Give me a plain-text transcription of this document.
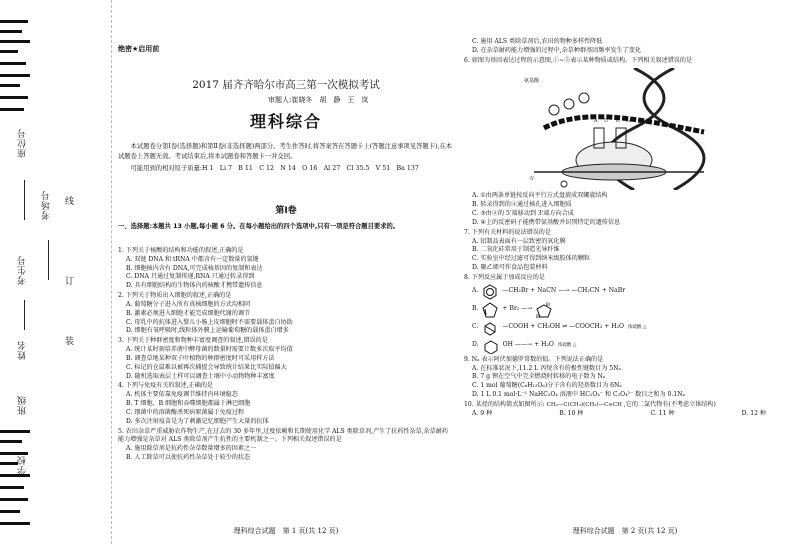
座位号
考场号
考生号
姓名
班级
学校
线
订
装
绝密★启用前
2017 届齐齐哈尔市高三第一次模拟考试
审题人:崔晓冬　胡　静　王　岚
理科综合

本试题卷分第Ⅰ卷(选择题)和第Ⅱ卷(非选择题)两部分。考生作答时,将答案答在答题卡上(答题注意事项见答题卡),在本试题卷上答题无效。考试结束后,将本试题卷和答题卡一并交回。

可能用到的相对原子质量:H 1　Li 7　B 11　C 12　N 14　O 16　Al 27　Cl 35.5　V 51　Ba 137

第Ⅰ卷
一、选择题:本题共 13 小题,每小题 6 分。在每小题给出的四个选项中,只有一项是符合题目要求的。
1. 下列关于核酸的结构和功能的叙述,正确的是
A. 双链 DNA 和 tRNA 中都含有一定数量的氢键
B. 细胞核内含有 DNA,可完成核基因的复制和表达
C. DNA 只通过复制传递,RNA 只通过转录得到
D. 具有细胞结构的生物体内的核酸才携带遗传信息
2. 下列关于物质出入细胞的叙述,正确的是
A. 葡萄糖分子进入所有真核细胞的方式均相同
B. 激素必须进入细胞才能完成细胞代谢的调节
C. 母乳中的抗体进入婴儿小肠上皮细胞时不需要载体蛋白协助
D. 细胞有氧呼吸时,线粒体外膜上运输葡萄糖的载体蛋白增多
3. 下列关于种群密度和物种丰富度调查的叙述,错误的是
A. 统计某时刻培养液中酵母菌的数量时需要计数多次取平均值
B. 调查草地某种双子叶植物的种群密度时可采用样方法
C. 标记的仓鼠难以被再次捕捉会导致统计结果比实际值偏大
D. 随机选取表层土样可以调查土壤中小动物物种丰富度
4. 下列与免疫有关的叙述,正确的是
A. 机体主要依靠免疫调节维持内环境稳态
B. T 细胞、B 细胞和吞噬细胞都属于淋巴细胞
C. 细菌中的溶菌酶杀死病原菌属于免疫过程
D. 多次注射疫苗是为了刺激记忆细胞产生大量的抗体
5. 农田杂草严重威胁农作物生产,在过去的 30 多年里,过度依赖和长期使用化学 ALS 类除草剂,产生了抗药性杂草,杂草耐药能力增强是杂草对 ALS 类除草剂产生抗性的主要机制之一。下列相关叙述错误的是
A. 施用除草剂是抗药性杂草数量增多的因素之一
B. 人工除草可以使抗药性杂草处于较少的状态
理科综合试题　第 1 页(共 12 页)
C. 施用 ALS 类除草剂后,农田的物种多样性降低
D. 在杂草耐药能力增强的过程中,杂草种群基因频率发生了变化
6. 如图为基因表达过程的示意图,①~⑤表示某种物质或结构。下列相关叙述错误的是
氨基酸
A U C G
5'
A. ①由两条单链按反向平行方式盘旋成双螺旋结构
B. 转录得到的④通过核孔进入细胞质
C. ③由②的 5'端移动到 3'端方向合成
D. ④上的反密码子能携带氨基酸并识别特定的遗传信息
7. 下列有关材料的说法错误的是
A. 铝制品表面有一层致密的氧化膜
B. 二氧化硅常用于制造光导纤维
C. 实验室中经过滤可得到纳米级胶体的颗粒
D. 聚乙烯可作食品包装材料
8. 下列反应属于加成反应的是
A.	—CH₂Br + NaCN —→ —CH₂CN + NaBr
B.	+ Br₂ —→
Br
Br
C.	—COOH + CH₃OH ⇌ —COOCH₃ + H₂O 浓硫酸 △
D.	OH ——→ + H₂O 浓硫酸 △
9. Nₐ 表示阿伏加德罗常数的值。下列说法正确的是
A. 在标准状况下,11.2 L 丙烷含有的极性键数目为 5Nₐ
B. 7 g 锂在空气中完全燃烧时转移的电子数为 Nₐ
C. 1 mol 葡萄糖(C₆H₁₂O₆)分子含有的羟基数目为 6Nₐ
D. 1 L 0.1 mol·L⁻¹ NaHC₂O₄ 溶液中 HC₂O₄⁻ 和 C₂O₄²⁻ 数目之和为 0.1Nₐ
10. 某烃的结构简式如图所示: CH₃—C(CH₃)(CH₃)—C≡CH ,它的二氯代物有(不考虑立体结构)
A. 9 种	B. 10 种	C. 11 种	D. 12 种
理科综合试题　第 2 页(共 12 页)
